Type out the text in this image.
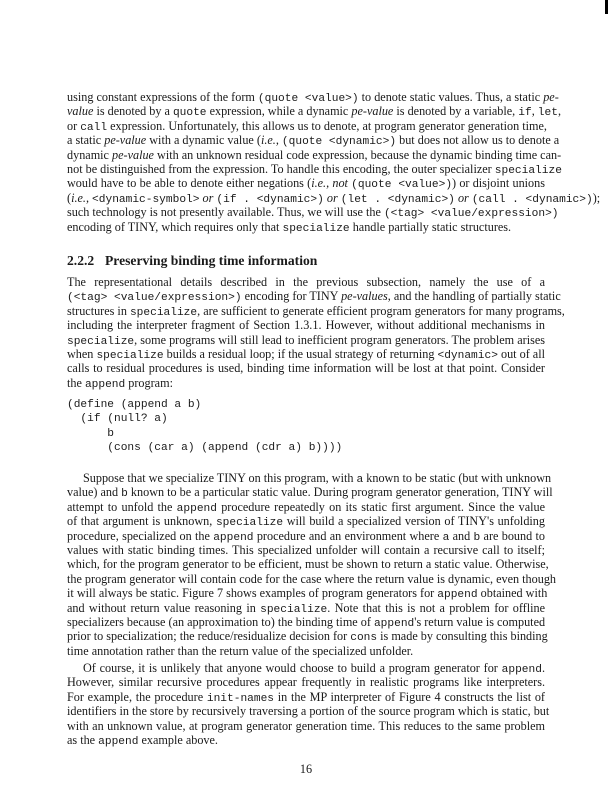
using constant expressions of the form (quote <value>) to denote static values. Thus, a static pe-
value is denoted by a quote expression, while a dynamic pe-value is denoted by a variable, if, let,
or call expression. Unfortunately, this allows us to denote, at program generator generation time,
a static pe-value with a dynamic value (i.e., (quote <dynamic>) but does not allow us to denote a
dynamic pe-value with an unknown residual code expression, because the dynamic binding time can-
not be distinguished from the expression. To handle this encoding, the outer specializer specialize
would have to be able to denote either negations (i.e., not (quote <value>)) or disjoint unions
(i.e., <dynamic-symbol> or (if . <dynamic>) or (let . <dynamic>) or (call . <dynamic>));
such technology is not presently available. Thus, we will use the (<tag> <value/expression>)
encoding of TINY, which requires only that specialize handle partially static structures.
2.2.2 Preserving binding time information
The representational details described in the previous subsection, namely the use of a
(<tag> <value/expression>) encoding for TINY pe-values, and the handling of partially static
structures in specialize, are sufficient to generate efficient program generators for many programs,
including the interpreter fragment of Section 1.3.1. However, without additional mechanisms in
specialize, some programs will still lead to inefficient program generators. The problem arises
when specialize builds a residual loop; if the usual strategy of returning <dynamic> out of all
calls to residual procedures is used, binding time information will be lost at that point. Consider
the append program:
(define (append a b)
(if (null? a)
b
(cons (car a) (append (cdr a) b))))
Suppose that we specialize TINY on this program, with a known to be static (but with unknown
value) and b known to be a particular static value. During program generator generation, TINY will
attempt to unfold the append procedure repeatedly on its static first argument. Since the value
of that argument is unknown, specialize will build a specialized version of TINY's unfolding
procedure, specialized on the append procedure and an environment where a and b are bound to
values with static binding times. This specialized unfolder will contain a recursive call to itself;
which, for the program generator to be efficient, must be shown to return a static value. Otherwise,
the program generator will contain code for the case where the return value is dynamic, even though
it will always be static. Figure 7 shows examples of program generators for append obtained with
and without return value reasoning in specialize. Note that this is not a problem for offline
specializers because (an approximation to) the binding time of append's return value is computed
prior to specialization; the reduce/residualize decision for cons is made by consulting this binding
time annotation rather than the return value of the specialized unfolder.
Of course, it is unlikely that anyone would choose to build a program generator for append.
However, similar recursive procedures appear frequently in realistic programs like interpreters.
For example, the procedure init-names in the MP interpreter of Figure 4 constructs the list of
identifiers in the store by recursively traversing a portion of the source program which is static, but
with an unknown value, at program generator generation time. This reduces to the same problem
as the append example above.
16
